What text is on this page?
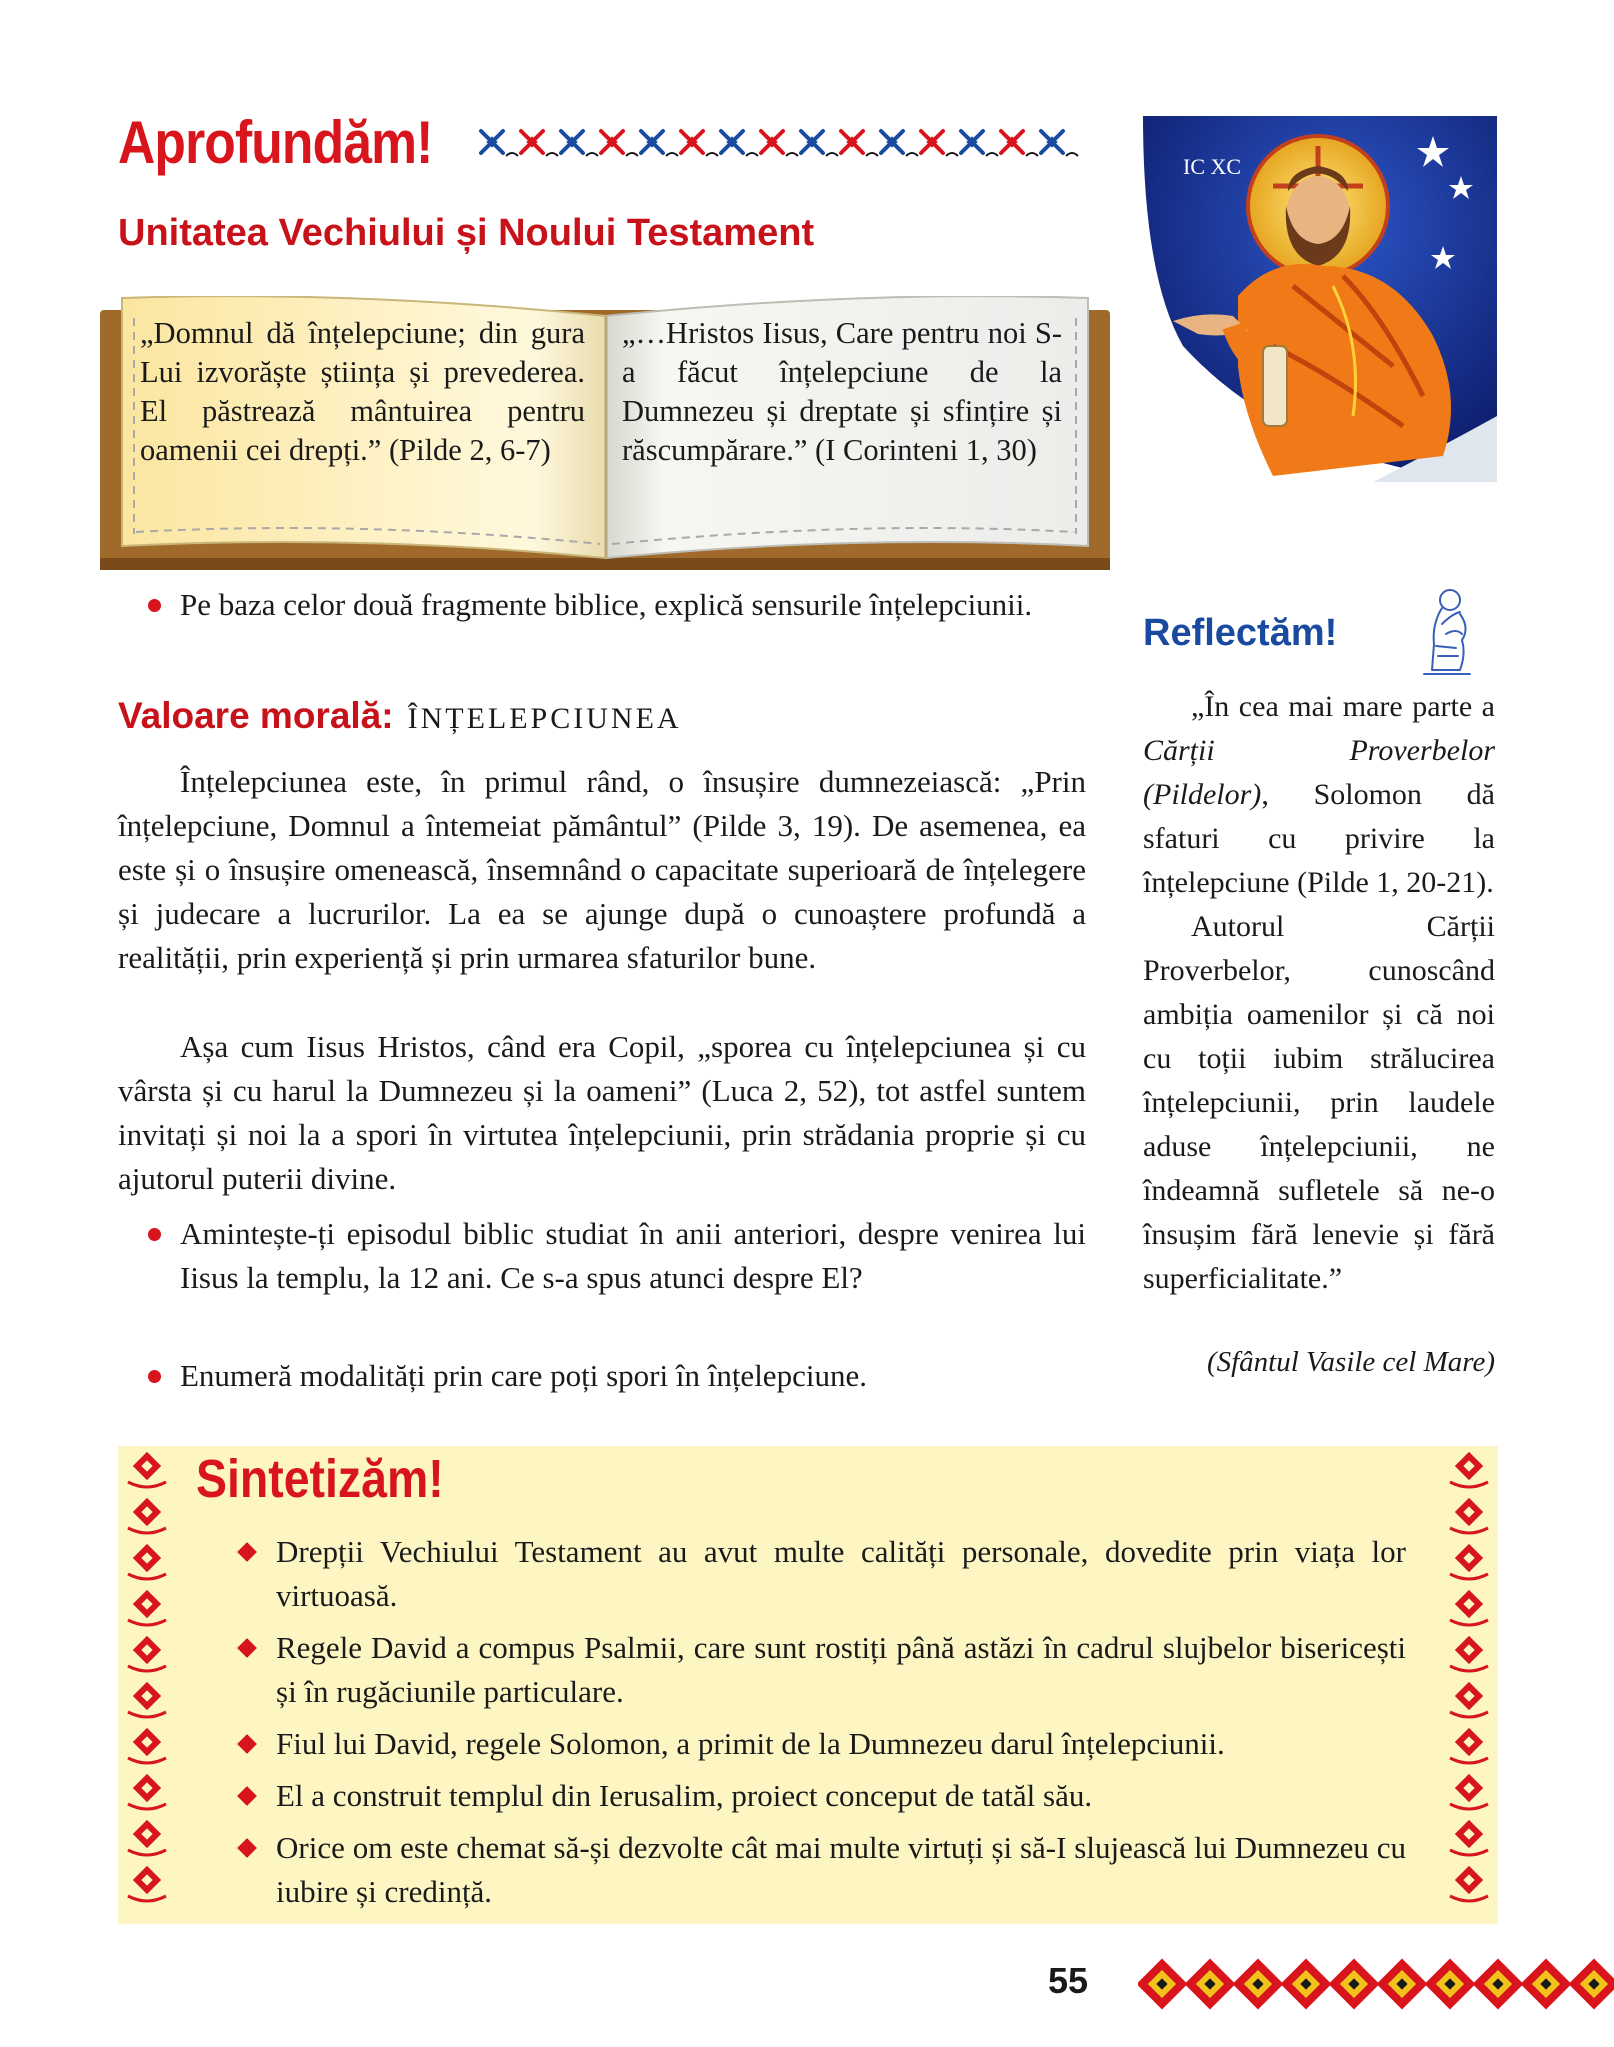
Aprofundăm!
Unitatea Vechiului și Noului Testament
IC XC
„Domnul dă înțelepciune; din gura Lui izvorăște știința și prevederea. El păstrează mântuirea pentru oamenii cei drepți.” (Pilde 2, 6-7)
„…Hristos Iisus, Care pentru noi S-a făcut înțelepciune de la Dumnezeu și dreptate și sfințire și răscumpărare.” (I Corinteni 1, 30)
Pe baza celor două fragmente biblice, explică sensurile înțelepciunii.
Valoare morală: ÎNȚELEPCIUNEA
Înțelepciunea este, în primul rând, o însușire dumnezeiască: „Prin înțelepciune, Domnul a întemeiat pământul” (Pilde 3, 19). De asemenea, ea este și o însușire omenească, însemnând o capacitate superioară de înțelegere și judecare a lucrurilor. La ea se ajunge după o cunoaștere profundă a realității, prin experiență și prin urmarea sfaturilor bune.
Așa cum Iisus Hristos, când era Copil, „sporea cu înțelepciunea și cu vârsta și cu harul la Dumnezeu și la oameni” (Luca 2, 52), tot astfel suntem invitați și noi la a spori în virtutea înțelepciunii, prin strădania proprie și cu ajutorul puterii divine.
Amintește-ți episodul biblic studiat în anii anteriori, despre venirea lui Iisus la templu, la 12 ani. Ce s-a spus atunci despre El?
Enumeră modalități prin care poți spori în înțelepciune.
Reflectăm!

„În cea mai mare parte a Cărții Proverbelor (Pildelor), Solomon dă sfaturi cu privire la înțelepciune (Pilde 1, 20-21).

Autorul Cărții Proverbelor, cunoscând ambiția oamenilor și că noi cu toții iubim strălucirea înțelepciunii, prin laudele aduse înțelepciunii, ne îndeamnă sufletele să ne-o însușim fără lenevie și fără superficialitate.”

(Sfântul Vasile cel Mare)
Sintetizăm!
Drepții Vechiului Testament au avut multe calități personale, dovedite prin viața lor virtuoasă.
Regele David a compus Psalmii, care sunt rostiți până astăzi în cadrul slujbelor bisericești și în rugăciunile particulare.
Fiul lui David, regele Solomon, a primit de la Dumnezeu darul înțelepciunii.
El a construit templul din Ierusalim, proiect conceput de tatăl său.
Orice om este chemat să-și dezvolte cât mai multe virtuți și să-I slujească lui Dumnezeu cu iubire și credință.
55
